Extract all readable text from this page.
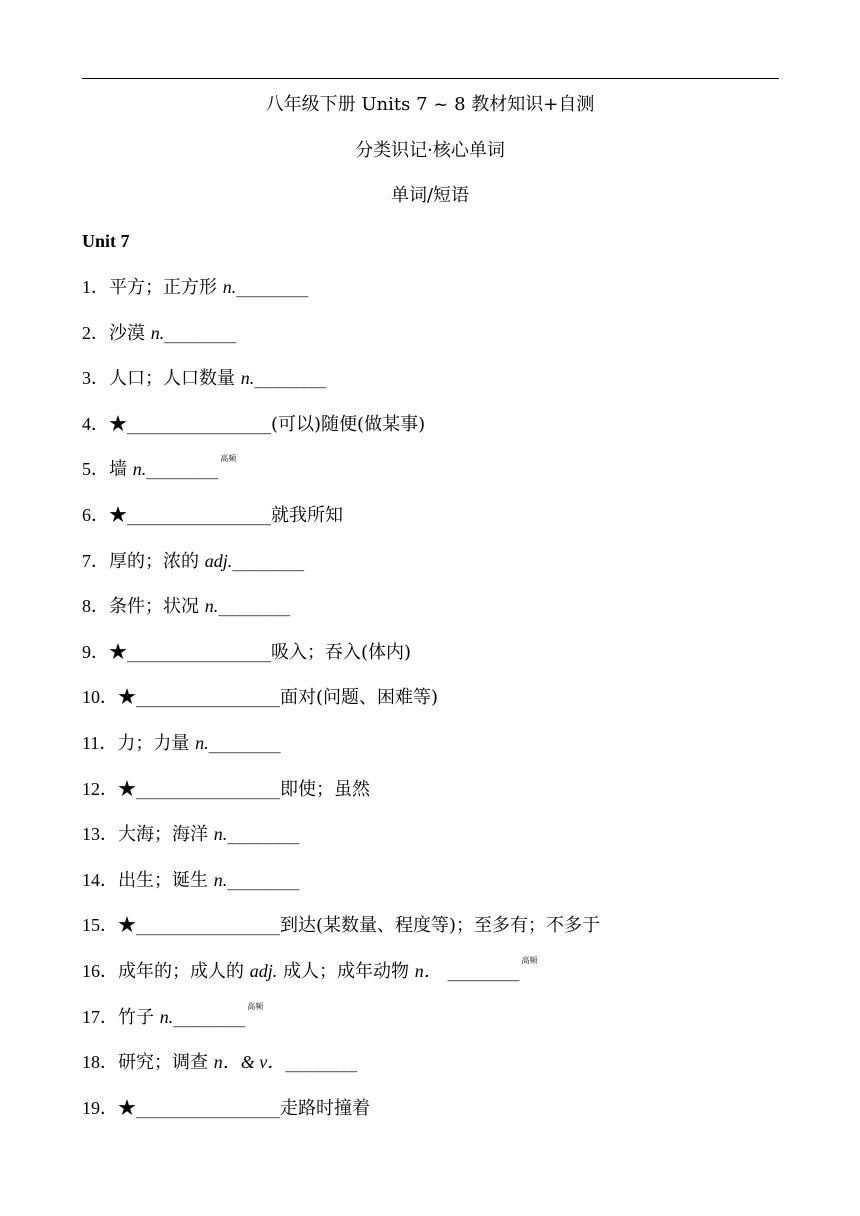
八年级下册 Units 7 ~ 8 教材知识+自测
分类识记·核心单词
单词/短语
Unit 7
1．平方；正方形 n.________
2．沙漠 n.________
3．人口；人口数量 n.________
4．★________________(可以)随便(做某事)
5．墙 n.________$^{高频}$
6．★________________就我所知
7．厚的；浓的 adj.________
8．条件；状况 n.________
9．★________________吸入；吞入(体内)
10．★________________面对(问题、困难等)
11．力；力量 n.________
12．★________________即使；虽然
13．大海；海洋 n.________
14．出生；诞生 n.________
15．★________________到达(某数量、程度等)；至多有；不多于
16．成年的；成人的 adj. 成人；成年动物 n． ________$^{高频}$
17．竹子 n.________$^{高频}$
18．研究；调查 n．& v．________
19．★________________走路时撞着
